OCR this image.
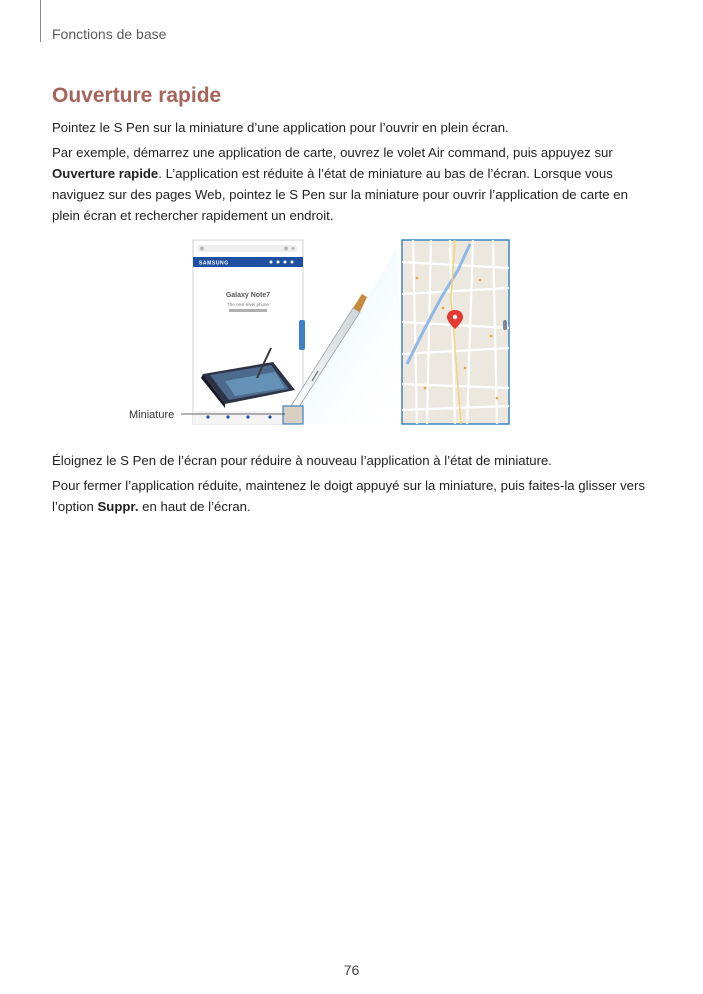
Fonctions de base
Ouverture rapide

Pointez le S Pen sur la miniature d’une application pour l’ouvrir en plein écran.

Par exemple, démarrez une application de carte, ouvrez le volet Air command, puis appuyez sur Ouverture rapide. L’application est réduite à l’état de miniature au bas de l’écran. Lorsque vous naviguez sur des pages Web, pointez le S Pen sur la miniature pour ouvrir l’application de carte en plein écran et rechercher rapidement un endroit.

SAMSUNG
Galaxy Note7
The next-level phone
Miniature

Éloignez le S Pen de l’écran pour réduire à nouveau l’application à l’état de miniature.

Pour fermer l’application réduite, maintenez le doigt appuyé sur la miniature, puis faites-la glisser vers l’option Suppr. en haut de l’écran.

76
